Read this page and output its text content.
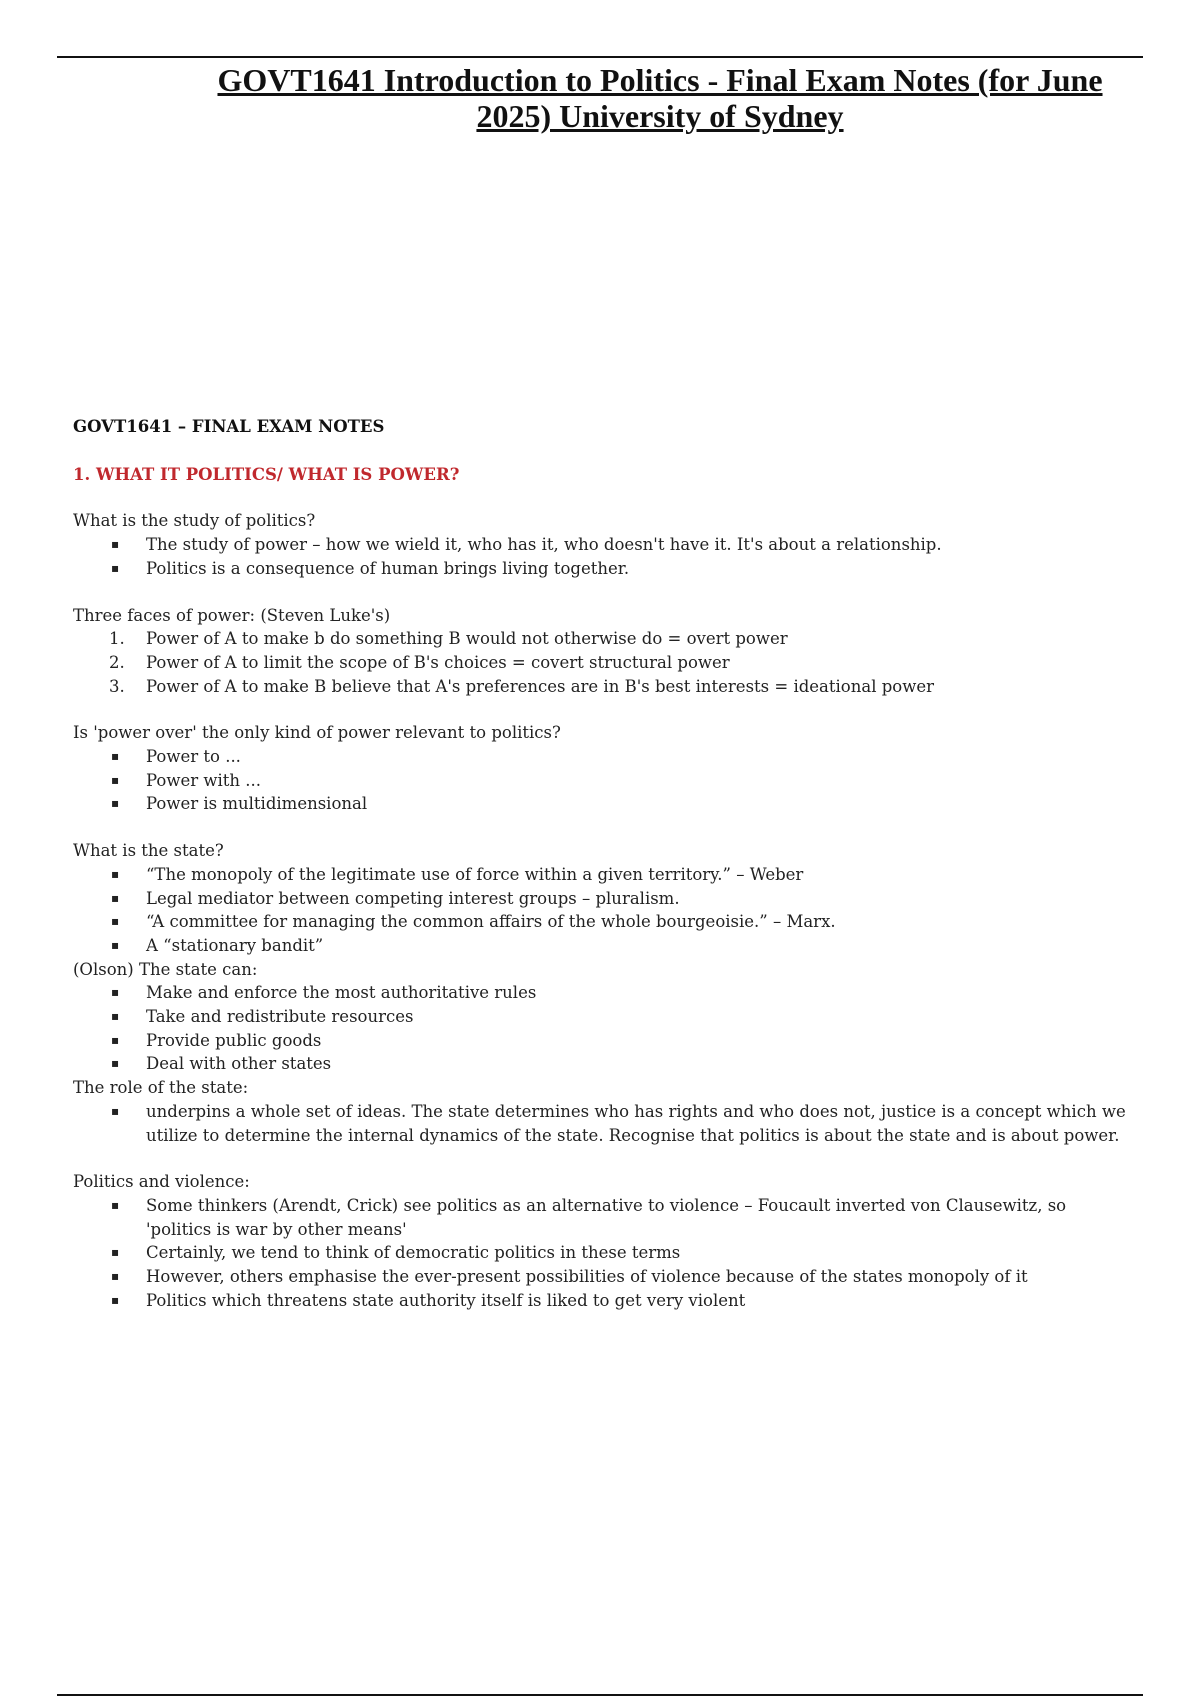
GOVT1641 Introduction to Politics - Final Exam Notes (for June 2025) University of Sydney
GOVT1641 – FINAL EXAM NOTES
1. WHAT IT POLITICS/ WHAT IS POWER?
What is the study of politics?
▪	The study of power – how we wield it, who has it, who doesn't have it. It's about a relationship.
▪	Politics is a consequence of human brings living together.
Three faces of power: (Steven Luke's)
1.	Power of A to make b do something B would not otherwise do = overt power
2.	Power of A to limit the scope of B's choices = covert structural power
3.	Power of A to make B believe that A's preferences are in B's best interests = ideational power
Is 'power over' the only kind of power relevant to politics?
▪	Power to ...
▪	Power with ...
▪	Power is multidimensional
What is the state?
▪	“The monopoly of the legitimate use of force within a given territory.” – Weber
▪	Legal mediator between competing interest groups – pluralism.
▪	“A committee for managing the common affairs of the whole bourgeoisie.” – Marx.
▪	A “stationary bandit”
(Olson) The state can:
▪	Make and enforce the most authoritative rules
▪	Take and redistribute resources
▪	Provide public goods
▪	Deal with other states
The role of the state:
▪	underpins a whole set of ideas. The state determines who has rights and who does not, justice is a concept which we utilize to determine the internal dynamics of the state. Recognise that politics is about the state and is about power.
Politics and violence:
▪	Some thinkers (Arendt, Crick) see politics as an alternative to violence – Foucault inverted von Clausewitz, so 'politics is war by other means'
▪	Certainly, we tend to think of democratic politics in these terms
▪	However, others emphasise the ever-present possibilities of violence because of the states monopoly of it
▪	Politics which threatens state authority itself is liked to get very violent
